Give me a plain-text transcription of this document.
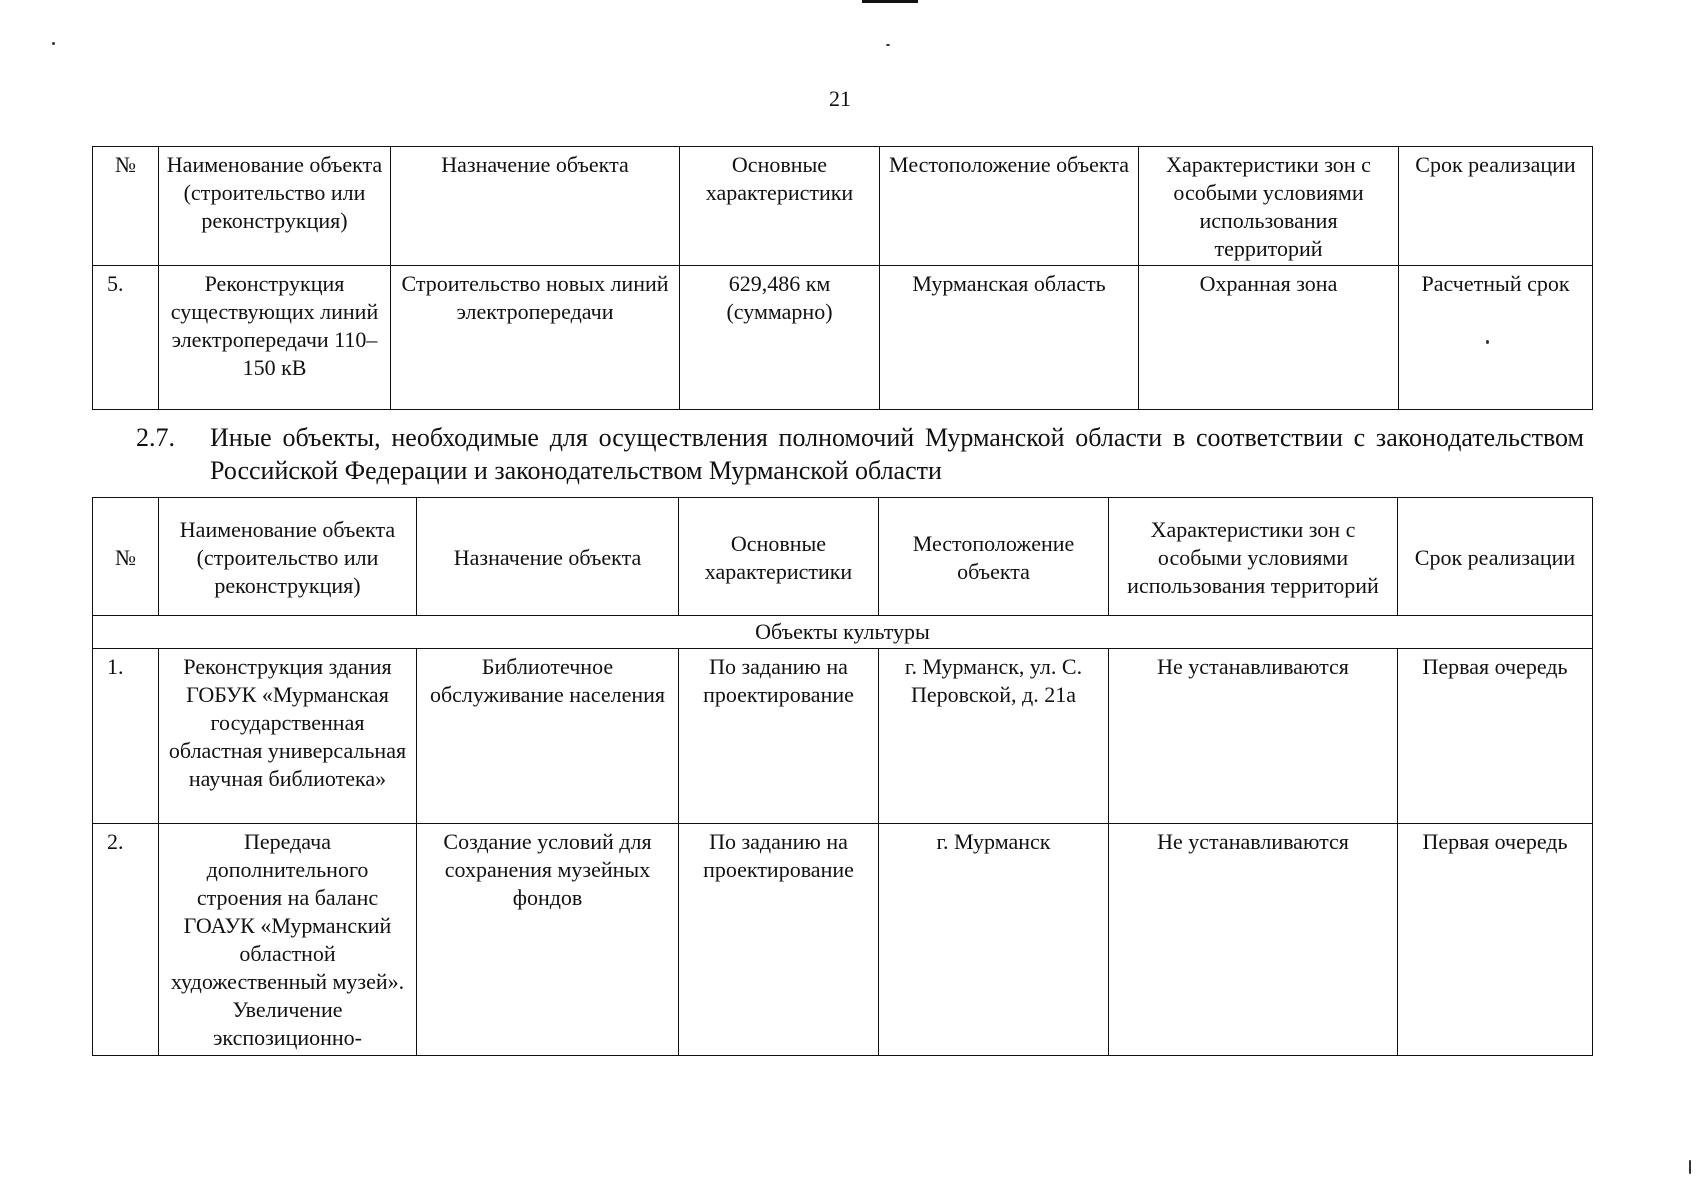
21
№	Наименование объекта (строительство или реконструкция)	Назначение объекта	Основные характеристики	Местоположение объекта	Характеристики зон с особыми условиями использования территорий	Срок реализации
5.	Реконструкция существующих линий электропередачи 110–150 кВ	Строительство новых линий электропередачи	629,486 км (суммарно)	Мурманская область	Охранная зона	Расчетный срок
2.7. Иные объекты, необходимые для осуществления полномочий Мурманской области в соответствии с законодательством Российской Федерации и законодательством Мурманской области
№	Наименование объекта (строительство или реконструкция)	Назначение объекта	Основные характеристики	Местоположение объекта	Характеристики зон с особыми условиями использования территорий	Срок реализации
Объекты культуры						
1.	Реконструкция здания ГОБУК «Мурманская государственная областная универсальная научная библиотека»	Библиотечное обслуживание населения	По заданию на проектирование	г. Мурманск, ул. С. Перовской, д. 21а	Не устанавливаются	Первая очередь
2.	Передача дополнительного строения на баланс ГОАУК «Мурманский областной художественный музей». Увеличение экспозиционно-	Создание условий для сохранения музейных фондов	По заданию на проектирование	г. Мурманск	Не устанавливаются	Первая очередь
